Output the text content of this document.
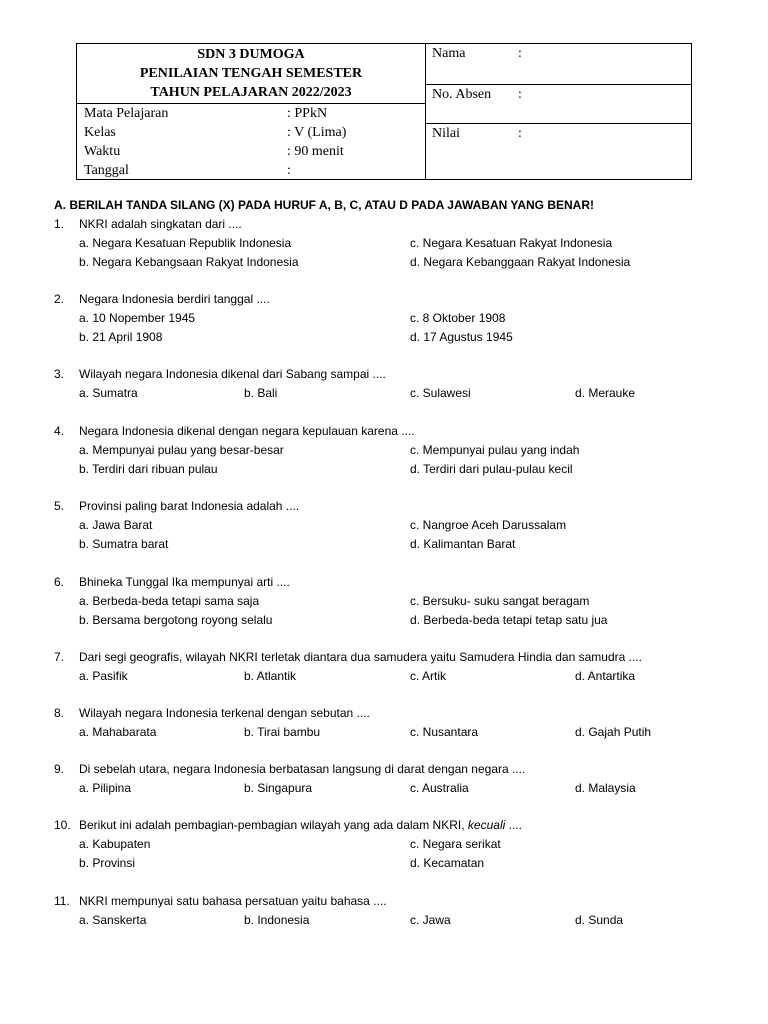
SDN 3 DUMOGA
PENILAIAN TENGAH SEMESTER
TAHUN PELAJARAN 2022/2023
Mata Pelajaran	: PPkN
Kelas	: V (Lima)
Waktu	: 90 menit
Tanggal	:
Nama	:
No. Absen :
Nilai	:
A. BERILAH TANDA SILANG (X) PADA HURUF A, B, C, ATAU D PADA JAWABAN YANG BENAR!
1. NKRI adalah singkatan dari ....
a. Negara Kesatuan Republik Indonesia	c. Negara Kesatuan Rakyat Indonesia
b. Negara Kebangsaan Rakyat Indonesia	d. Negara Kebanggaan Rakyat Indonesia
2. Negara Indonesia berdiri tanggal ....
a. 10 Nopember 1945	c. 8 Oktober 1908
b. 21 April 1908	d. 17 Agustus 1945
3. Wilayah negara Indonesia dikenal dari Sabang sampai ....
a. Sumatra	b. Bali	c. Sulawesi	d. Merauke
4. Negara Indonesia dikenal dengan negara kepulauan karena ....
a. Mempunyai pulau yang besar-besar	c. Mempunyai pulau yang indah
b. Terdiri dari ribuan pulau	d. Terdiri dari pulau-pulau kecil
5. Provinsi paling barat Indonesia adalah ....
a. Jawa Barat	c. Nangroe Aceh Darussalam
b. Sumatra barat	d. Kalimantan Barat
6. Bhineka Tunggal Ika mempunyai arti ....
a. Berbeda-beda tetapi sama saja	c. Bersuku- suku sangat beragam
b. Bersama bergotong royong selalu	d. Berbeda-beda tetapi tetap satu jua
7. Dari segi geografis, wilayah NKRI terletak diantara dua samudera yaitu Samudera Hindia dan samudra ....
a. Pasifik	b. Atlantik	c. Artik	d. Antartika
8. Wilayah negara Indonesia terkenal dengan sebutan ....
a. Mahabarata	b. Tirai bambu	c. Nusantara	d. Gajah Putih
9. Di sebelah utara, negara Indonesia berbatasan langsung di darat dengan negara ....
a. Pilipina	b. Singapura	c. Australia	d. Malaysia
10. Berikut ini adalah pembagian-pembagian wilayah yang ada dalam NKRI, kecuali ....
a. Kabupaten	c. Negara serikat
b. Provinsi	d. Kecamatan
11. NKRI mempunyai satu bahasa persatuan yaitu bahasa ....
a. Sanskerta	b. Indonesia	c. Jawa	d. Sunda
